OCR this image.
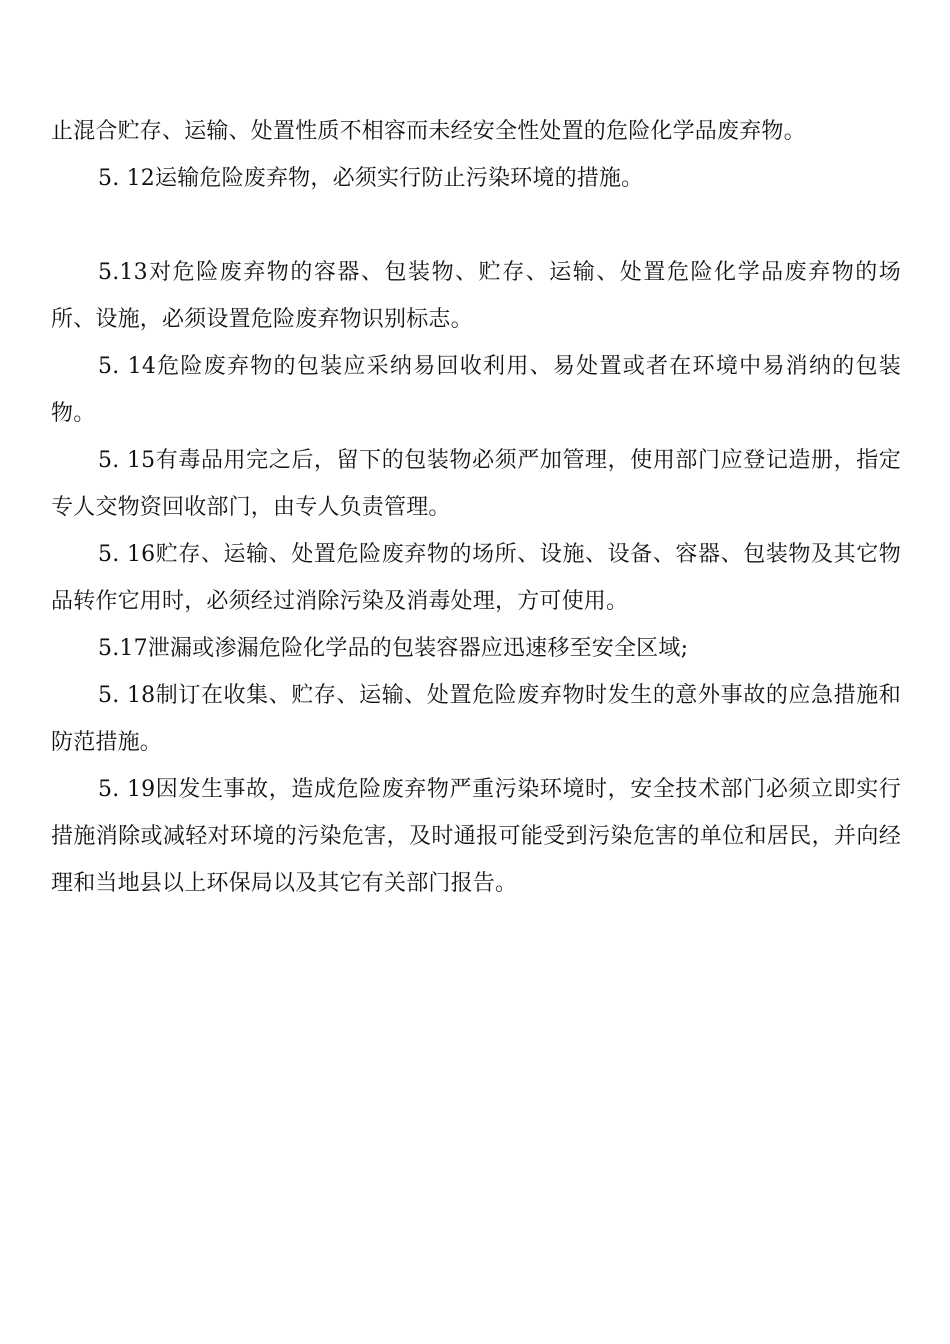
止混合贮存、运输、处置性质不相容而未经安全性处置的危险化学品废弃物。

5. 12运输危险废弃物，必须实行防止污染环境的措施。

5.13对危险废弃物的容器、包装物、贮存、运输、处置危险化学品废弃物的场所、设施，必须设置危险废弃物识别标志。

5. 14危险废弃物的包装应采纳易回收利用、易处置或者在环境中易消纳的包装物。

5. 15有毒品用完之后，留下的包装物必须严加管理，使用部门应登记造册，指定专人交物资回收部门，由专人负责管理。

5. 16贮存、运输、处置危险废弃物的场所、设施、设备、容器、包装物及其它物品转作它用时，必须经过消除污染及消毒处理，方可使用。

5.17泄漏或渗漏危险化学品的包装容器应迅速移至安全区域;

5. 18制订在收集、贮存、运输、处置危险废弃物时发生的意外事故的应急措施和防范措施。

5. 19因发生事故，造成危险废弃物严重污染环境时，安全技术部门必须立即实行措施消除或减轻对环境的污染危害，及时通报可能受到污染危害的单位和居民，并向经理和当地县以上环保局以及其它有关部门报告。
